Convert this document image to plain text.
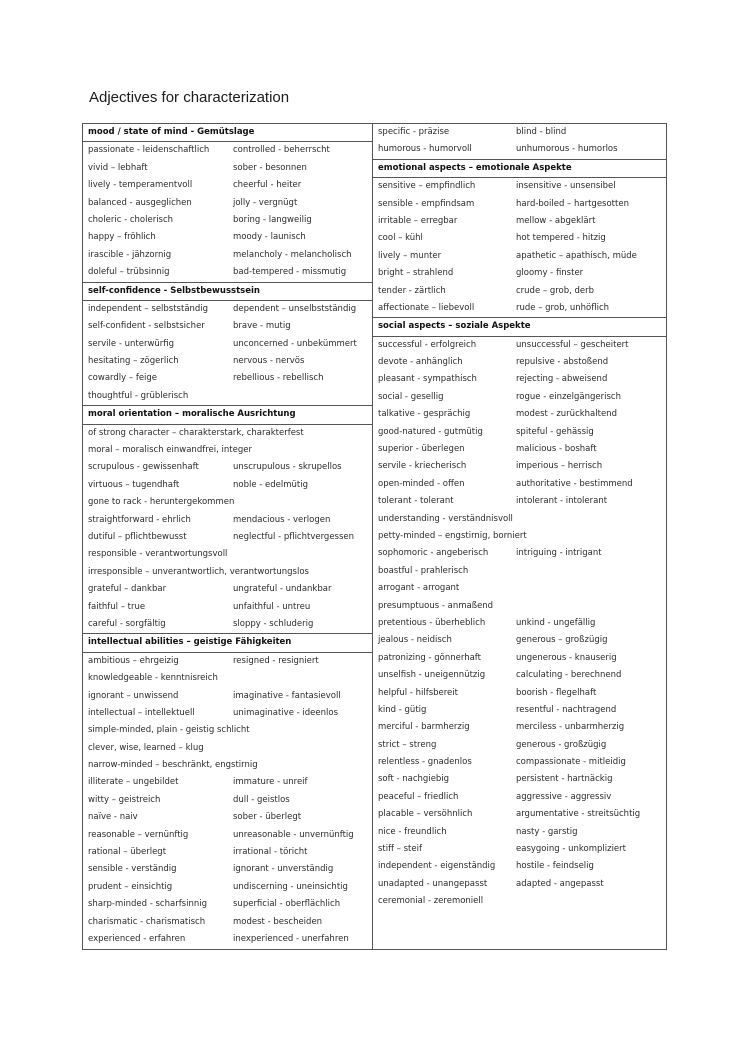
Adjectives for characterization
mood / state of mind - Gemütslage
passionate - leidenschaftlich	controlled - beherrscht
vivid – lebhaft	sober - besonnen
lively - temperamentvoll	cheerful - heiter
balanced - ausgeglichen	jolly - vergnügt
choleric - cholerisch	boring - langweilig
happy – fröhlich	moody - launisch
irascible - jähzornig	melancholy - melancholisch
doleful – trübsinnig	bad-tempered - missmutig
self-confidence - Selbstbewusstsein
independent – selbstständig	dependent – unselbstständig
self-confident - selbstsicher	brave - mutig
servile - unterwürfig	unconcerned - unbekümmert
hesitating – zögerlich	nervous - nervös
cowardly – feige	rebellious - rebellisch
thoughtful - grüblerisch
moral orientation – moralische Ausrichtung
of strong character – charakterstark, charakterfest
moral – moralisch einwandfrei, integer
scrupulous - gewissenhaft	unscrupulous - skrupellos
virtuous – tugendhaft	noble - edelmütig
gone to rack - heruntergekommen
straightforward - ehrlich	mendacious - verlogen
dutiful – pflichtbewusst	neglectful - pflichtvergessen
responsible - verantwortungsvoll
irresponsible – unverantwortlich, verantwortungslos
grateful – dankbar	ungrateful - undankbar
faithful – true	unfaithful - untreu
careful - sorgfältig	sloppy - schluderig
intellectual abilities – geistige Fähigkeiten
ambitious – ehrgeizig	resigned - resigniert
knowledgeable - kenntnisreich
ignorant – unwissend	imaginative - fantasievoll
intellectual – intellektuell	unimaginative - ideenlos
simple-minded, plain - geistig schlicht
clever, wise, learned – klug
narrow-minded – beschränkt, engstirnig
illiterate – ungebildet	immature - unreif
witty – geistreich	dull - geistlos
naïve - naiv	sober - überlegt
reasonable – vernünftig	unreasonable - unvernünftig
rational – überlegt	irrational - töricht
sensible - verständig	ignorant - unverständig
prudent – einsichtig	undiscerning - uneinsichtig
sharp-minded - scharfsinnig	superficial - oberflächlich
charismatic - charismatisch	modest - bescheiden
experienced - erfahren	inexperienced - unerfahren
specific - präzise	blind - blind
humorous - humorvoll	unhumorous - humorlos
emotional aspects – emotionale Aspekte
sensitive – empfindlich	insensitive - unsensibel
sensible - empfindsam	hard-boiled – hartgesotten
irritable – erregbar	mellow - abgeklärt
cool – kühl	hot tempered - hitzig
lively – munter	apathetic – apathisch, müde
bright – strahlend	gloomy - finster
tender - zärtlich	crude – grob, derb
affectionate – liebevoll	rude – grob, unhöflich
social aspects – soziale Aspekte
successful - erfolgreich	unsuccessful – gescheitert
devote - anhänglich	repulsive - abstoßend
pleasant - sympathisch	rejecting - abweisend
social - gesellig	rogue - einzelgängerisch
talkative - gesprächig	modest - zurückhaltend
good-natured - gutmütig	spiteful - gehässig
superior - überlegen	malicious - boshaft
servile - kriecherisch	imperious – herrisch
open-minded - offen	authoritative - bestimmend
tolerant - tolerant	intolerant - intolerant
understanding - verständnisvoll
petty-minded – engstirnig, borniert
sophomoric - angeberisch	intriguing - intrigant
boastful - prahlerisch
arrogant - arrogant
presumptuous - anmaßend
pretentious - überheblich	unkind - ungefällig
jealous - neidisch	generous – großzügig
patronizing - gönnerhaft	ungenerous - knauserig
unselfish - uneigennützig	calculating - berechnend
helpful - hilfsbereit	boorish - flegelhaft
kind - gütig	resentful - nachtragend
merciful - barmherzig	merciless - unbarmherzig
strict – streng	generous - großzügig
relentless - gnadenlos	compassionate - mitleidig
soft - nachgiebig	persistent - hartnäckig
peaceful – friedlich	aggressive - aggressiv
placable – versöhnlich	argumentative - streitsüchtig
nice - freundlich	nasty - garstig
stiff – steif	easygoing - unkompliziert
independent - eigenständig hostile - feindselig
unadapted - unangepasst	adapted - angepasst
ceremonial - zeremoniell
